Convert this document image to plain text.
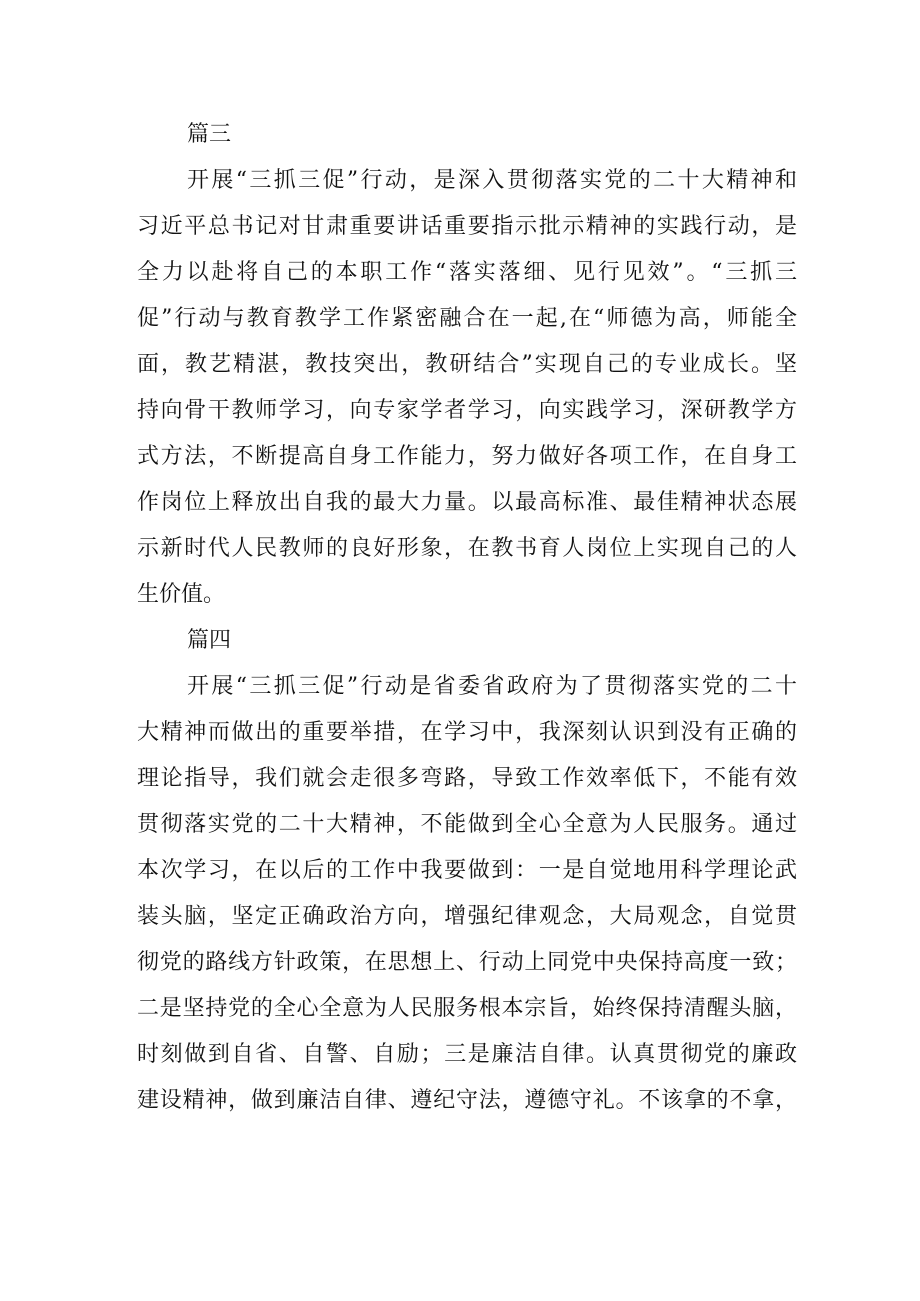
篇三

开展“三抓三促”行动，是深入贯彻落实党的二十大精神和
习近平总书记对甘肃重要讲话重要指示批示精神的实践行动，是
全力以赴将自己的本职工作“落实落细、见行见效”。“三抓三
促”行动与教育教学工作紧密融合在一起,在“师德为高，师能全
面，教艺精湛，教技突出，教研结合”实现自己的专业成长。坚
持向骨干教师学习，向专家学者学习，向实践学习，深研教学方
式方法，不断提高自身工作能力，努力做好各项工作，在自身工
作岗位上释放出自我的最大力量。以最高标准、最佳精神状态展
示新时代人民教师的良好形象，在教书育人岗位上实现自己的人
生价值。

篇四

开展“三抓三促”行动是省委省政府为了贯彻落实党的二十
大精神而做出的重要举措，在学习中，我深刻认识到没有正确的
理论指导，我们就会走很多弯路，导致工作效率低下，不能有效
贯彻落实党的二十大精神，不能做到全心全意为人民服务。通过
本次学习，在以后的工作中我要做到：一是自觉地用科学理论武
装头脑，坚定正确政治方向，增强纪律观念，大局观念，自觉贯
彻党的路线方针政策，在思想上、行动上同党中央保持高度一致；
二是坚持党的全心全意为人民服务根本宗旨，始终保持清醒头脑，
时刻做到自省、自警、自励；三是廉洁自律。认真贯彻党的廉政
建设精神，做到廉洁自律、遵纪守法，遵德守礼。不该拿的不拿，
